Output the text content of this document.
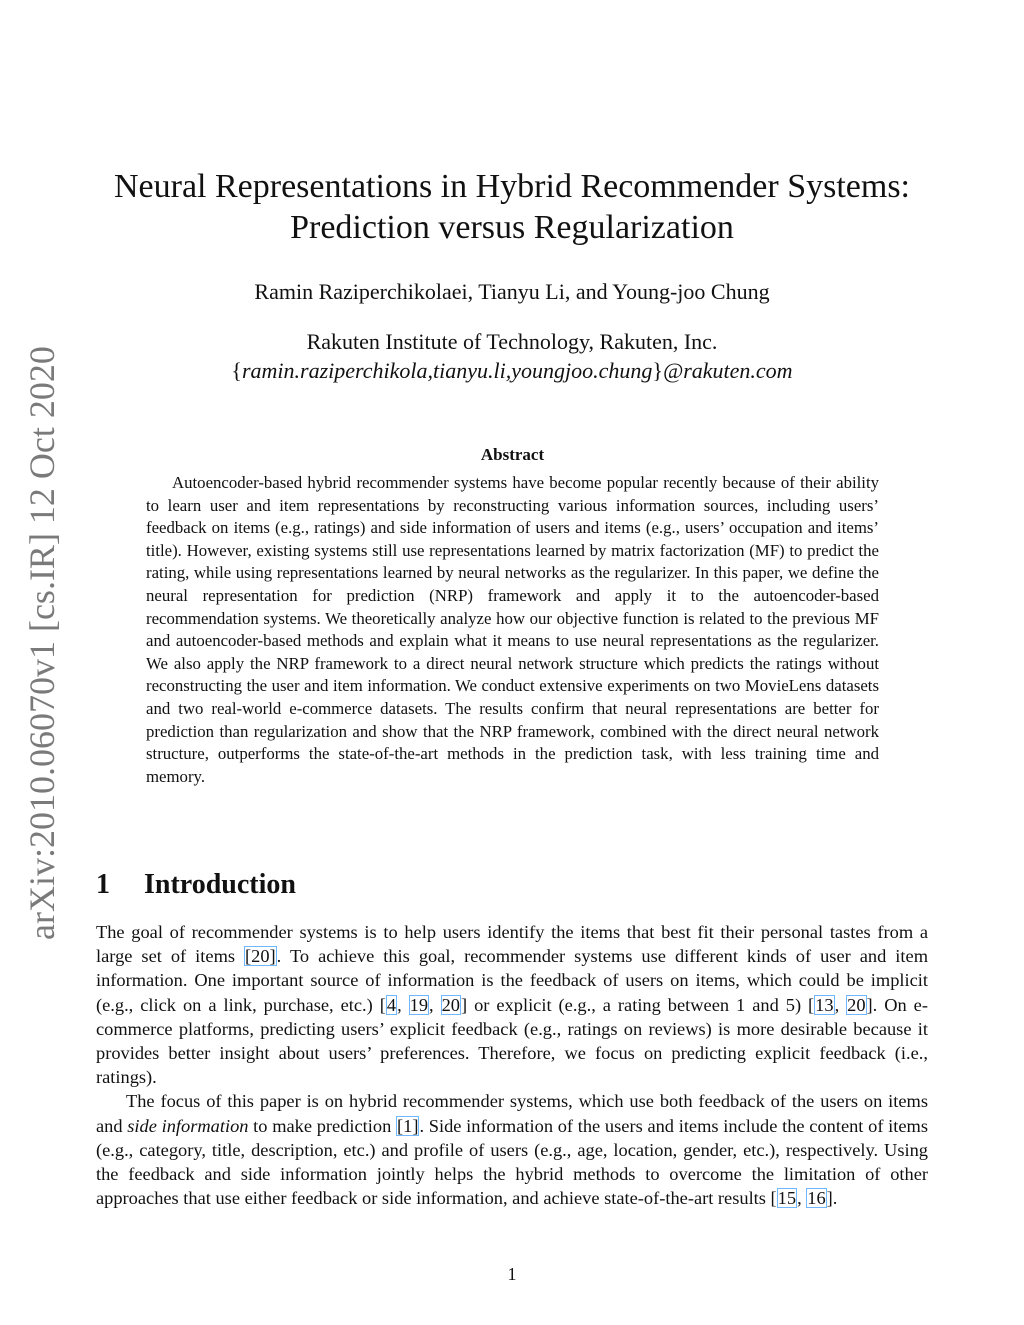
arXiv:2010.06070v1 [cs.IR] 12 Oct 2020
Neural Representations in Hybrid Recommender Systems: Prediction versus Regularization
Ramin Raziperchikolaei, Tianyu Li, and Young-joo Chung
Rakuten Institute of Technology, Rakuten, Inc.
{ramin.raziperchikola,tianyu.li,youngjoo.chung}@rakuten.com
Abstract

Autoencoder-based hybrid recommender systems have become popular recently because of their ability to learn user and item representations by reconstructing various information sources, including users’ feedback on items (e.g., ratings) and side information of users and items (e.g., users’ occupation and items’ title). However, existing systems still use representations learned by matrix factorization (MF) to predict the rating, while using representations learned by neural networks as the regularizer. In this paper, we define the neural representation for prediction (NRP) framework and apply it to the autoencoder-based recommendation systems. We theoretically analyze how our objective function is related to the previous MF and autoencoder-based methods and explain what it means to use neural representations as the regularizer. We also apply the NRP framework to a direct neural network structure which predicts the ratings without reconstructing the user and item information. We conduct extensive experiments on two MovieLens datasets and two real-world e-commerce datasets. The results confirm that neural representations are better for prediction than regularization and show that the NRP framework, combined with the direct neural network structure, outperforms the state-of-the-art methods in the prediction task, with less training time and memory.

1 Introduction

The goal of recommender systems is to help users identify the items that best fit their personal tastes from a large set of items [20]. To achieve this goal, recommender systems use different kinds of user and item information. One important source of information is the feedback of users on items, which could be implicit (e.g., click on a link, purchase, etc.) [4, 19, 20] or explicit (e.g., a rating between 1 and 5) [13, 20]. On e-commerce platforms, predicting users’ explicit feedback (e.g., ratings on reviews) is more desirable because it provides better insight about users’ preferences. Therefore, we focus on predicting explicit feedback (i.e., ratings).

The focus of this paper is on hybrid recommender systems, which use both feedback of the users on items and side information to make prediction [1]. Side information of the users and items include the content of items (e.g., category, title, description, etc.) and profile of users (e.g., age, location, gender, etc.), respectively. Using the feedback and side information jointly helps the hybrid methods to overcome the limitation of other approaches that use either feedback or side information, and achieve state-of-the-art results [15, 16].

1
